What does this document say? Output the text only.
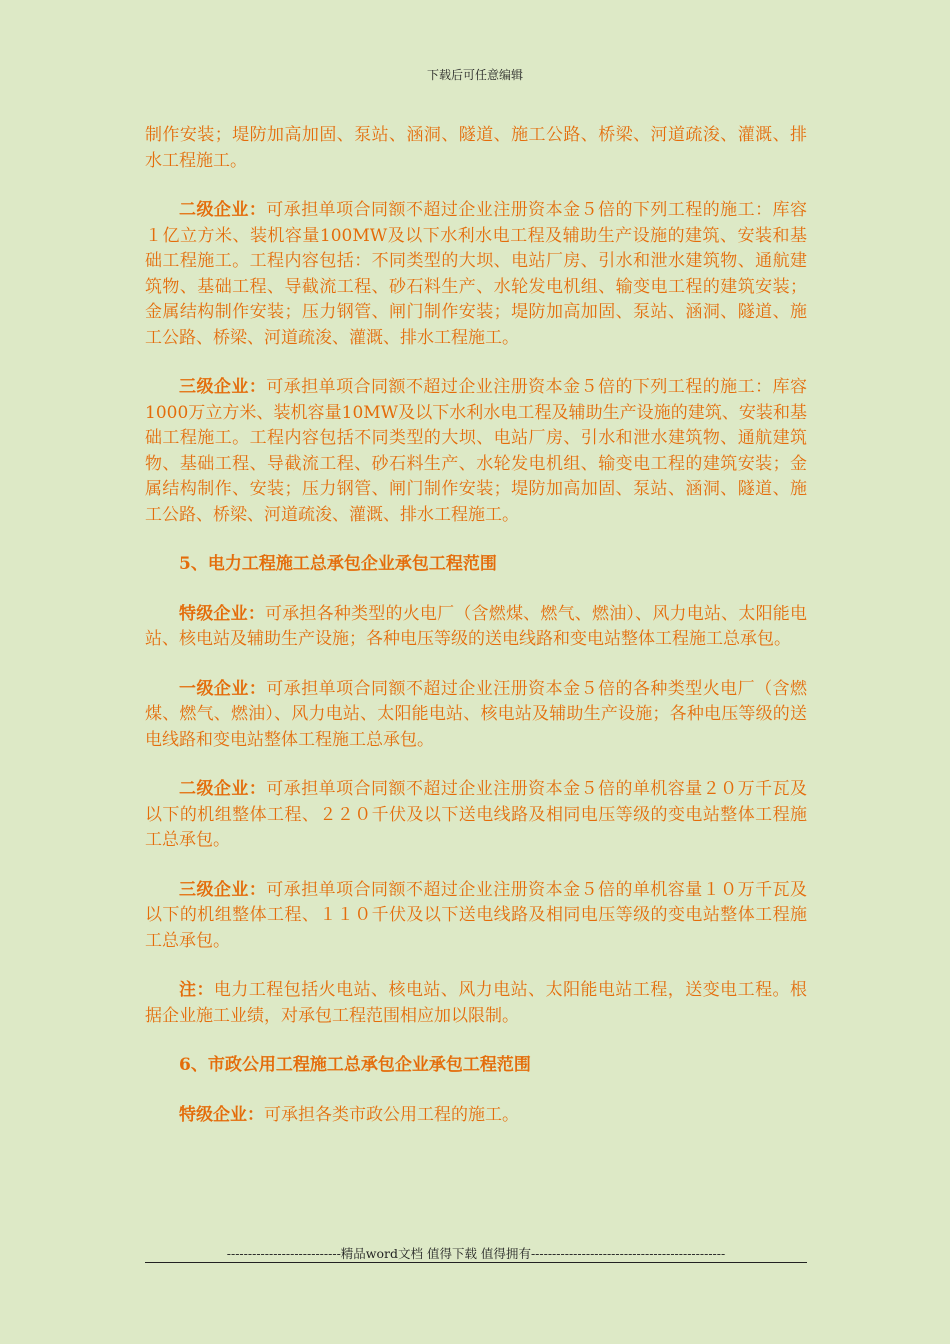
下载后可任意编辑

制作安装；堤防加高加固、泵站、涵洞、隧道、施工公路、桥梁、河道疏浚、灌溉、排水工程施工。

二级企业：可承担单项合同额不超过企业注册资本金５倍的下列工程的施工：库容１亿立方米、装机容量100MW及以下水利水电工程及辅助生产设施的建筑、安装和基础工程施工。工程内容包括：不同类型的大坝、电站厂房、引水和泄水建筑物、通航建筑物、基础工程、导截流工程、砂石料生产、水轮发电机组、输变电工程的建筑安装；金属结构制作安装；压力钢管、闸门制作安装；堤防加高加固、泵站、涵洞、隧道、施工公路、桥梁、河道疏浚、灌溉、排水工程施工。

三级企业：可承担单项合同额不超过企业注册资本金５倍的下列工程的施工：库容1000万立方米、装机容量10MW及以下水利水电工程及辅助生产设施的建筑、安装和基础工程施工。工程内容包括不同类型的大坝、电站厂房、引水和泄水建筑物、通航建筑物、基础工程、导截流工程、砂石料生产、水轮发电机组、输变电工程的建筑安装；金属结构制作、安装；压力钢管、闸门制作安装；堤防加高加固、泵站、涵洞、隧道、施工公路、桥梁、河道疏浚、灌溉、排水工程施工。

5、电力工程施工总承包企业承包工程范围

特级企业：可承担各种类型的火电厂（含燃煤、燃气、燃油）、风力电站、太阳能电站、核电站及辅助生产设施；各种电压等级的送电线路和变电站整体工程施工总承包。

一级企业：可承担单项合同额不超过企业汪册资本金５倍的各种类型火电厂（含燃煤、燃气、燃油）、风力电站、太阳能电站、核电站及辅助生产设施；各种电压等级的送电线路和变电站整体工程施工总承包。

二级企业：可承担单项合同额不超过企业注册资本金５倍的单机容量２０万千瓦及以下的机组整体工程、２２０千伏及以下送电线路及相同电压等级的变电站整体工程施工总承包。

三级企业：可承担单项合同额不超过企业注册资本金５倍的单机容量１０万千瓦及以下的机组整体工程、１１０千伏及以下送电线路及相同电压等级的变电站整体工程施工总承包。

注：电力工程包括火电站、核电站、风力电站、太阳能电站工程，送变电工程。根据企业施工业绩，对承包工程范围相应加以限制。

6、市政公用工程施工总承包企业承包工程范围

特级企业：可承担各类市政公用工程的施工。

---------------------------精品word文档 值得下载 值得拥有----------------------------------------------
